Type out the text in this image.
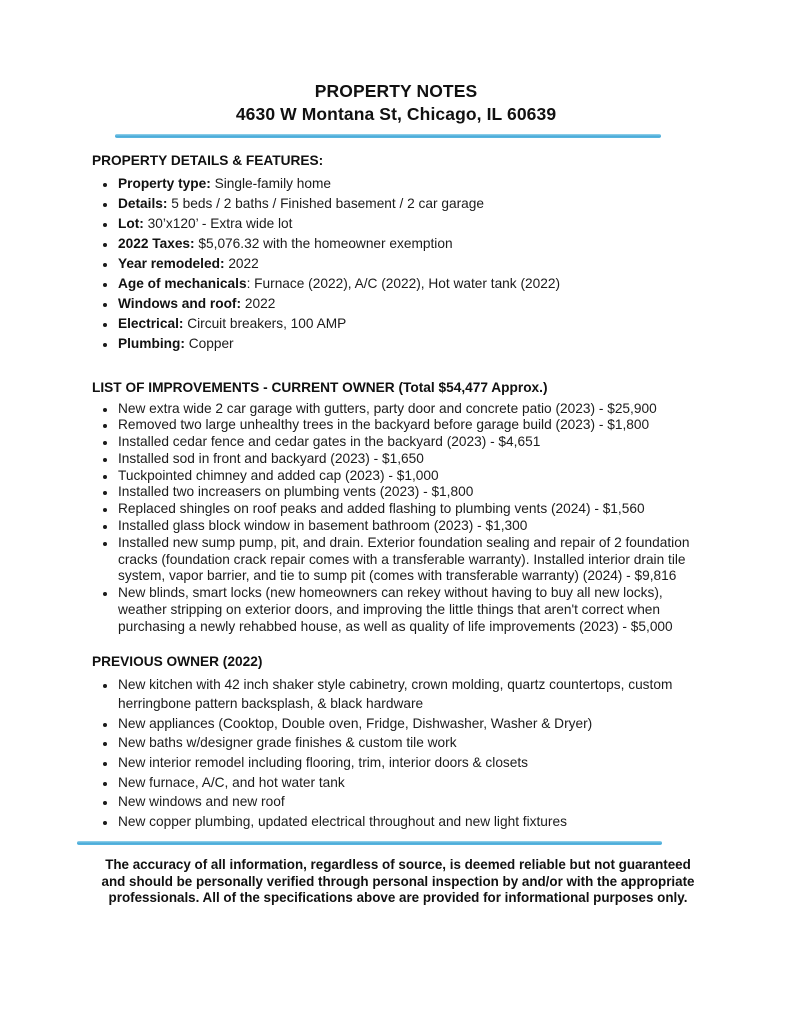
PROPERTY NOTES
4630 W Montana St, Chicago, IL 60639
PROPERTY DETAILS & FEATURES:
• Property type: Single-family home
• Details: 5 beds / 2 baths / Finished basement / 2 car garage
• Lot: 30’x120’ - Extra wide lot
• 2022 Taxes: $5,076.32 with the homeowner exemption
• Year remodeled: 2022
• Age of mechanicals: Furnace (2022), A/C (2022), Hot water tank (2022)
• Windows and roof: 2022
• Electrical: Circuit breakers, 100 AMP
• Plumbing: Copper
LIST OF IMPROVEMENTS - CURRENT OWNER (Total $54,477 Approx.)
• New extra wide 2 car garage with gutters, party door and concrete patio (2023) - $25,900
• Removed two large unhealthy trees in the backyard before garage build (2023) - $1,800
• Installed cedar fence and cedar gates in the backyard (2023) - $4,651
• Installed sod in front and backyard (2023) - $1,650
• Tuckpointed chimney and added cap (2023) - $1,000
• Installed two increasers on plumbing vents (2023) - $1,800
• Replaced shingles on roof peaks and added flashing to plumbing vents (2024) - $1,560
• Installed glass block window in basement bathroom (2023) - $1,300
• Installed new sump pump, pit, and drain. Exterior foundation sealing and repair of 2 foundation cracks (foundation crack repair comes with a transferable warranty). Installed interior drain tile system, vapor barrier, and tie to sump pit (comes with transferable warranty) (2024) - $9,816
• New blinds, smart locks (new homeowners can rekey without having to buy all new locks), weather stripping on exterior doors, and improving the little things that aren't correct when purchasing a newly rehabbed house, as well as quality of life improvements (2023) - $5,000
PREVIOUS OWNER (2022)
• New kitchen with 42 inch shaker style cabinetry, crown molding, quartz countertops, custom herringbone pattern backsplash, & black hardware
• New appliances (Cooktop, Double oven, Fridge, Dishwasher, Washer & Dryer)
• New baths w/designer grade finishes & custom tile work
• New interior remodel including flooring, trim, interior doors & closets
• New furnace, A/C, and hot water tank
• New windows and new roof
• New copper plumbing, updated electrical throughout and new light fixtures
The accuracy of all information, regardless of source, is deemed reliable but not guaranteed and should be personally verified through personal inspection by and/or with the appropriate professionals. All of the specifications above are provided for informational purposes only.
